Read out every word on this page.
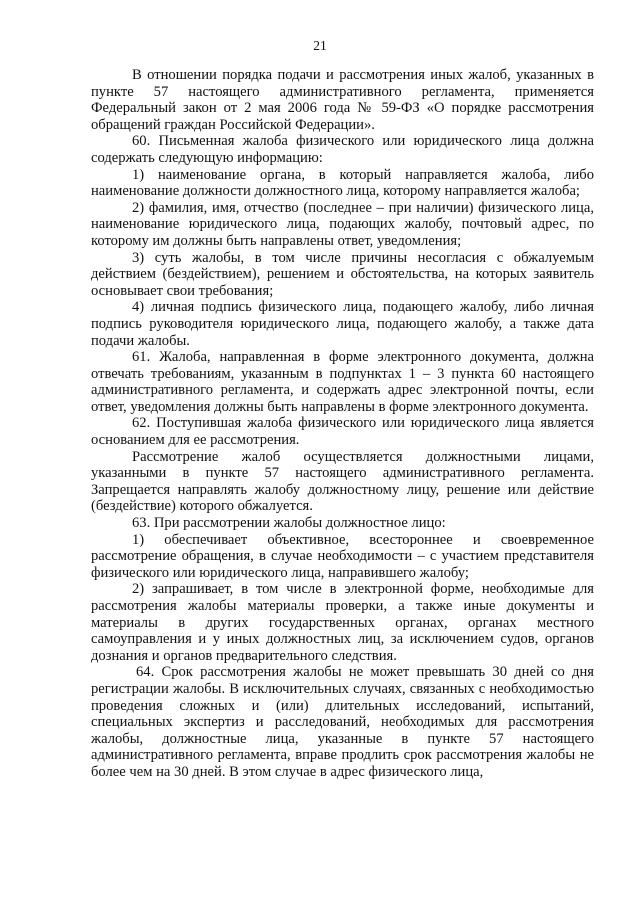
21

В отношении порядка подачи и рассмотрения иных жалоб, указанных в пункте 57 настоящего административного регламента, применяется Федеральный закон от 2 мая 2006 года № 59-ФЗ «О порядке рассмотрения обращений граждан Российской Федерации».

60. Письменная жалоба физического или юридического лица должна содержать следующую информацию:

1) наименование органа, в который направляется жалоба, либо наименование должности должностного лица, которому направляется жалоба;

2) фамилия, имя, отчество (последнее – при наличии) физического лица, наименование юридического лица, подающих жалобу, почтовый адрес, по которому им должны быть направлены ответ, уведомления;

3) суть жалобы, в том числе причины несогласия с обжалуемым действием (бездействием), решением и обстоятельства, на которых заявитель основывает свои требования;

4) личная подпись физического лица, подающего жалобу, либо личная подпись руководителя юридического лица, подающего жалобу, а также дата подачи жалобы.

61. Жалоба, направленная в форме электронного документа, должна отвечать требованиям, указанным в подпунктах 1 – 3 пункта 60 настоящего административного регламента, и содержать адрес электронной почты, если ответ, уведомления должны быть направлены в форме электронного документа.

62. Поступившая жалоба физического или юридического лица является основанием для ее рассмотрения.

Рассмотрение жалоб осуществляется должностными лицами, указанными в пункте 57 настоящего административного регламента. Запрещается направлять жалобу должностному лицу, решение или действие (бездействие) которого обжалуется.

63. При рассмотрении жалобы должностное лицо:

1) обеспечивает объективное, всестороннее и своевременное рассмотрение обращения, в случае необходимости – с участием представителя физического или юридического лица, направившего жалобу;

2) запрашивает, в том числе в электронной форме, необходимые для рассмотрения жалобы материалы проверки, а также иные документы и материалы в других государственных органах, органах местного самоуправления и у иных должностных лиц, за исключением судов, органов дознания и органов предварительного следствия.

64. Срок рассмотрения жалобы не может превышать 30 дней со дня регистрации жалобы. В исключительных случаях, связанных с необходимостью проведения сложных и (или) длительных исследований, испытаний, специальных экспертиз и расследований, необходимых для рассмотрения жалобы, должностные лица, указанные в пункте 57 настоящего административного регламента, вправе продлить срок рассмотрения жалобы не более чем на 30 дней. В этом случае в адрес физического лица,
